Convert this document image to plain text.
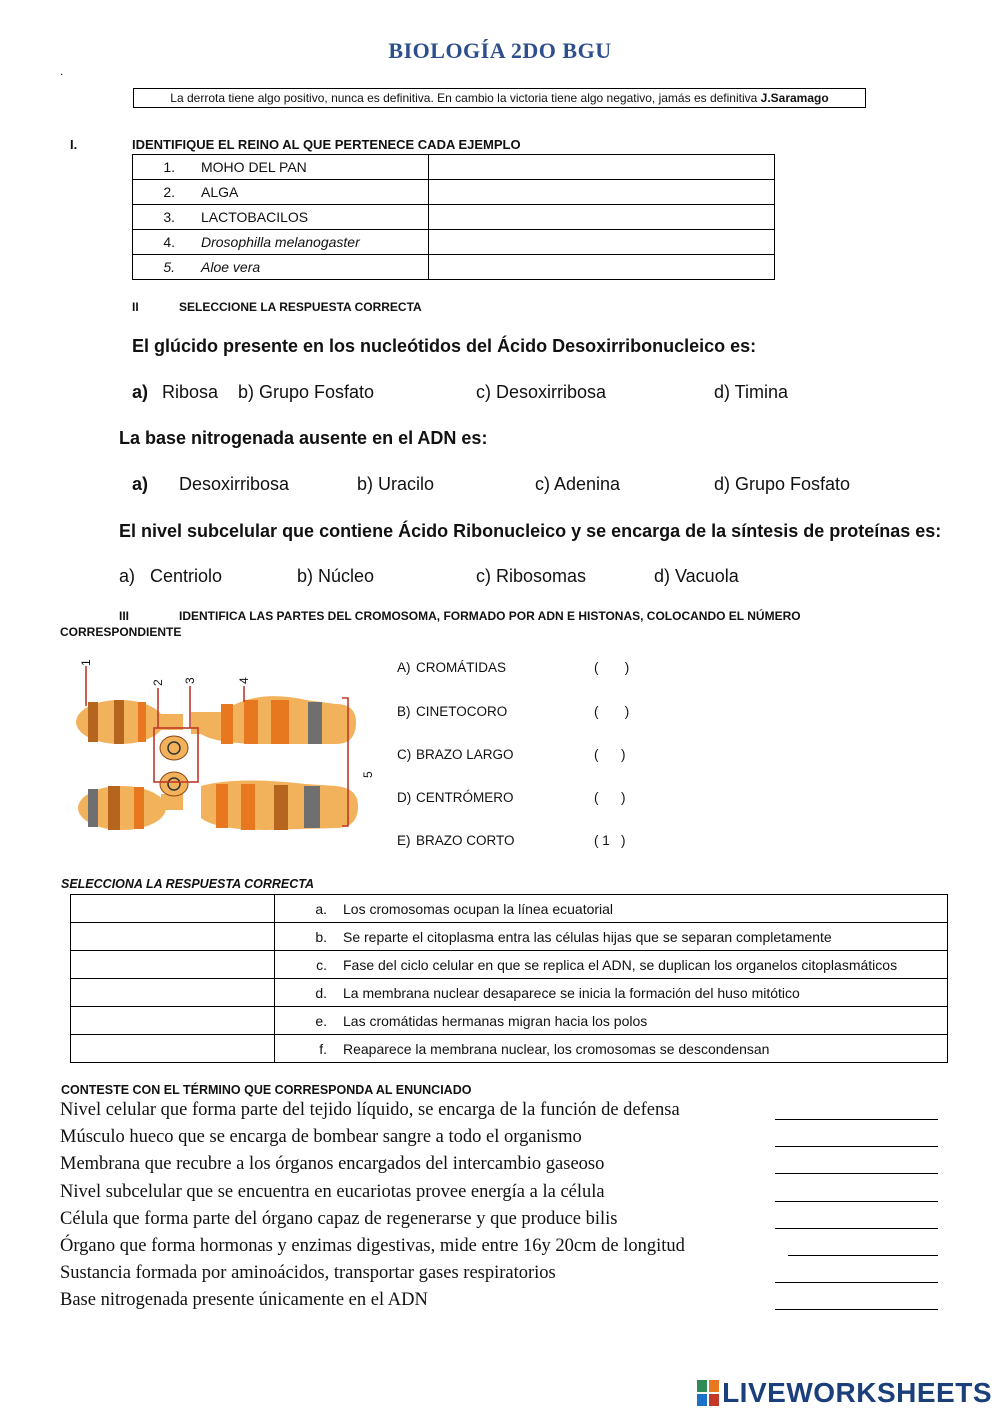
BIOLOGÍA 2DO BGU
.
La derrota tiene algo positivo, nunca es definitiva. En cambio la victoria tiene algo negativo, jamás es definitiva J.Saramago
I.	IDENTIFIQUE EL REINO AL QUE PERTENECE CADA EJEMPLO
1. MOHO DEL PAN	
2. ALGA	
3. LACTOBACILOS	
4. Drosophilla melanogaster	
5. Aloe vera	
II	SELECCIONE LA RESPUESTA CORRECTA
El glúcido presente en los nucleótidos del Ácido Desoxirribonucleico es:
a) Ribosa b) Grupo Fosfato	c) Desoxirribosa	d) Timina
La base nitrogenada ausente en el ADN es:
a) Desoxirribosa	b) Uracilo	c) Adenina	d) Grupo Fosfato
El nivel subcelular que contiene Ácido Ribonucleico y se encarga de la síntesis de proteínas es:
a) Centriolo	b) Núcleo	c) Ribosomas	d) Vacuola
III	IDENTIFICA LAS PARTES DEL CROMOSOMA, FORMADO POR ADN E HISTONAS, COLOCANDO EL NÚMERO
CORRESPONDIENTE
1
2 3	4
5
A) CROMÁTIDAS	(       )
B) CINETOCORO	(       )
C) BRAZO LARGO	(      )
D) CENTRÓMERO	(      )
E) BRAZO CORTO	( 1   )
SELECCIONA LA RESPUESTA CORRECTA
	a. Los cromosomas ocupan la línea ecuatorial
	b. Se reparte el citoplasma entra las células hijas que se separan completamente
	c. Fase del ciclo celular en que se replica el ADN, se duplican los organelos citoplasmáticos
	d. La membrana nuclear desaparece se inicia la formación del huso mitótico
	e. Las cromátidas hermanas migran hacia los polos
	f. Reaparece la membrana nuclear, los cromosomas se descondensan
CONTESTE CON EL TÉRMINO QUE CORRESPONDA AL ENUNCIADO
Nivel celular que forma parte del tejido líquido, se encarga de la función de defensa
Músculo hueco que se encarga de bombear sangre a todo el organismo
Membrana que recubre a los órganos encargados del intercambio gaseoso
Nivel subcelular que se encuentra en eucariotas provee energía a la célula
Célula que forma parte del órgano capaz de regenerarse y que produce bilis
Órgano que forma hormonas y enzimas digestivas, mide entre 16y 20cm de longitud
Sustancia formada por aminoácidos, transportar gases respiratorios
Base nitrogenada presente únicamente en el ADN
LIVEWORKSHEETS
